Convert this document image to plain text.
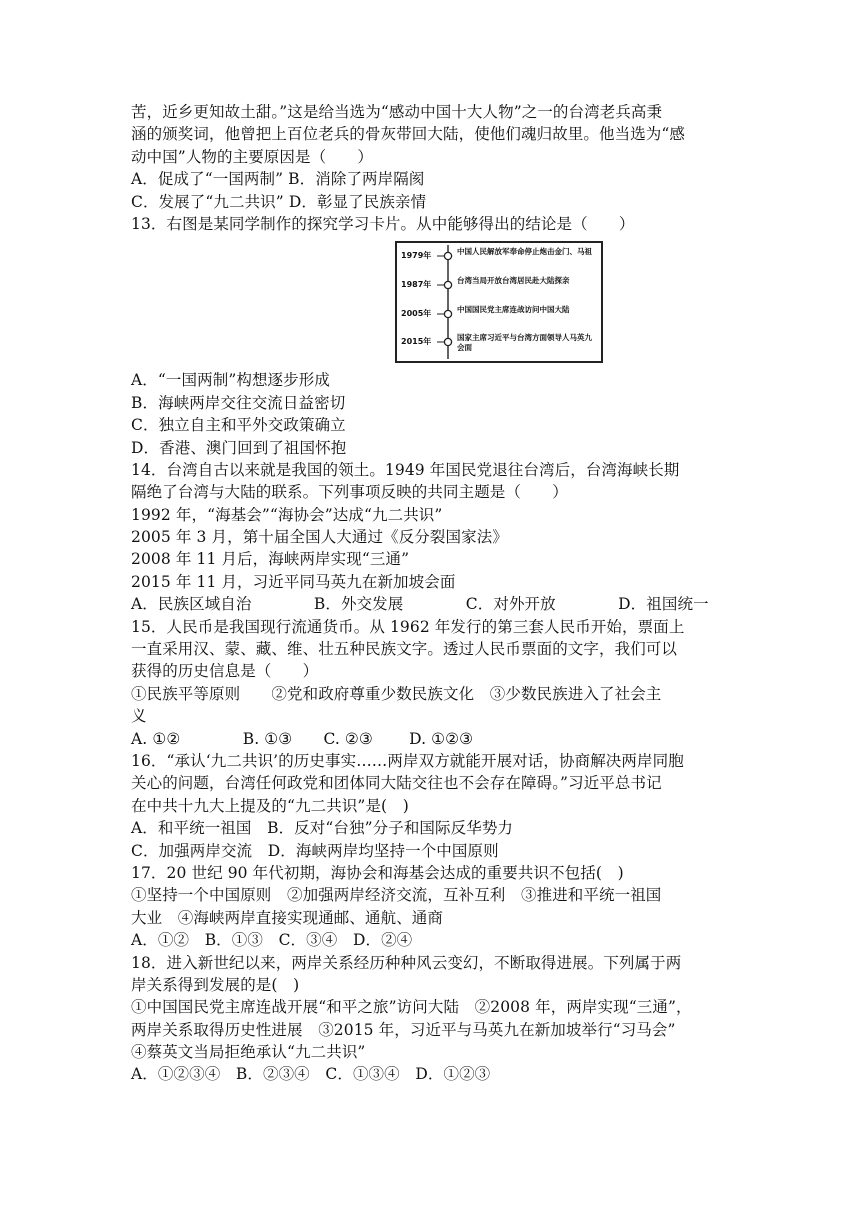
苦，近乡更知故土甜。”这是给当选为“感动中国十大人物”之一的台湾老兵高秉
涵的颁奖词，他曾把上百位老兵的骨灰带回大陆，使他们魂归故里。他当选为“感
动中国”人物的主要原因是（　　）
A．促成了“一国两制” B．消除了两岸隔阂
C．发展了“九二共识” D．彰显了民族亲情
13．右图是某同学制作的探究学习卡片。从中能够得出的结论是（　　）
1979年	中国人民解放军奉命停止炮击金门、马祖
1987年	台湾当局开放台湾居民赴大陆探亲
2005年	中国国民党主席连战访问中国大陆
2015年	国家主席习近平与台湾方面领导人马英九会面
A．“一国两制”构想逐步形成
B．海峡两岸交往交流日益密切
C．独立自主和平外交政策确立
D．香港、澳门回到了祖国怀抱
14．台湾自古以来就是我国的领土。1949 年国民党退往台湾后，台湾海峡长期
隔绝了台湾与大陆的联系。下列事项反映的共同主题是（　　）
1992 年，“海基会”“海协会”达成“九二共识”
2005 年 3 月，第十届全国人大通过《反分裂国家法》
2008 年 11 月后，海峡两岸实现“三通”
2015 年 11 月，习近平同马英九在新加坡会面
A．民族区域自治　　　　B．外交发展　　　　C．对外开放　　　　D．祖国统一
15．人民币是我国现行流通货币。从 1962 年发行的第三套人民币开始，票面上
一直采用汉、蒙、藏、维、壮五种民族文字。透过人民币票面的文字，我们可以
获得的历史信息是（　　）
①民族平等原则　　②党和政府尊重少数民族文化　③少数民族进入了社会主
义
A. ①②　　　　B. ①③　　C. ②③　　 D. ①②③
16．“承认‘九二共识’的历史事实……两岸双方就能开展对话，协商解决两岸同胞
关心的问题，台湾任何政党和团体同大陆交往也不会存在障碍。”习近平总书记
在中共十九大上提及的“九二共识”是(　)
A．和平统一祖国　B．反对“台独”分子和国际反华势力
C．加强两岸交流　D．海峡两岸均坚持一个中国原则
17．20 世纪 90 年代初期，海协会和海基会达成的重要共识不包括(　)
①坚持一个中国原则　②加强两岸经济交流，互补互利　③推进和平统一祖国
大业　④海峡两岸直接实现通邮、通航、通商
A．①②　B．①③　C．③④　D．②④
18．进入新世纪以来，两岸关系经历种种风云变幻，不断取得进展。下列属于两
岸关系得到发展的是(　)
①中国国民党主席连战开展“和平之旅”访问大陆　②2008 年，两岸实现“三通”，
两岸关系取得历史性进展　③2015 年，习近平与马英九在新加坡举行“习马会”
④蔡英文当局拒绝承认“九二共识”
A．①②③④　B．②③④　C．①③④　D．①②③
